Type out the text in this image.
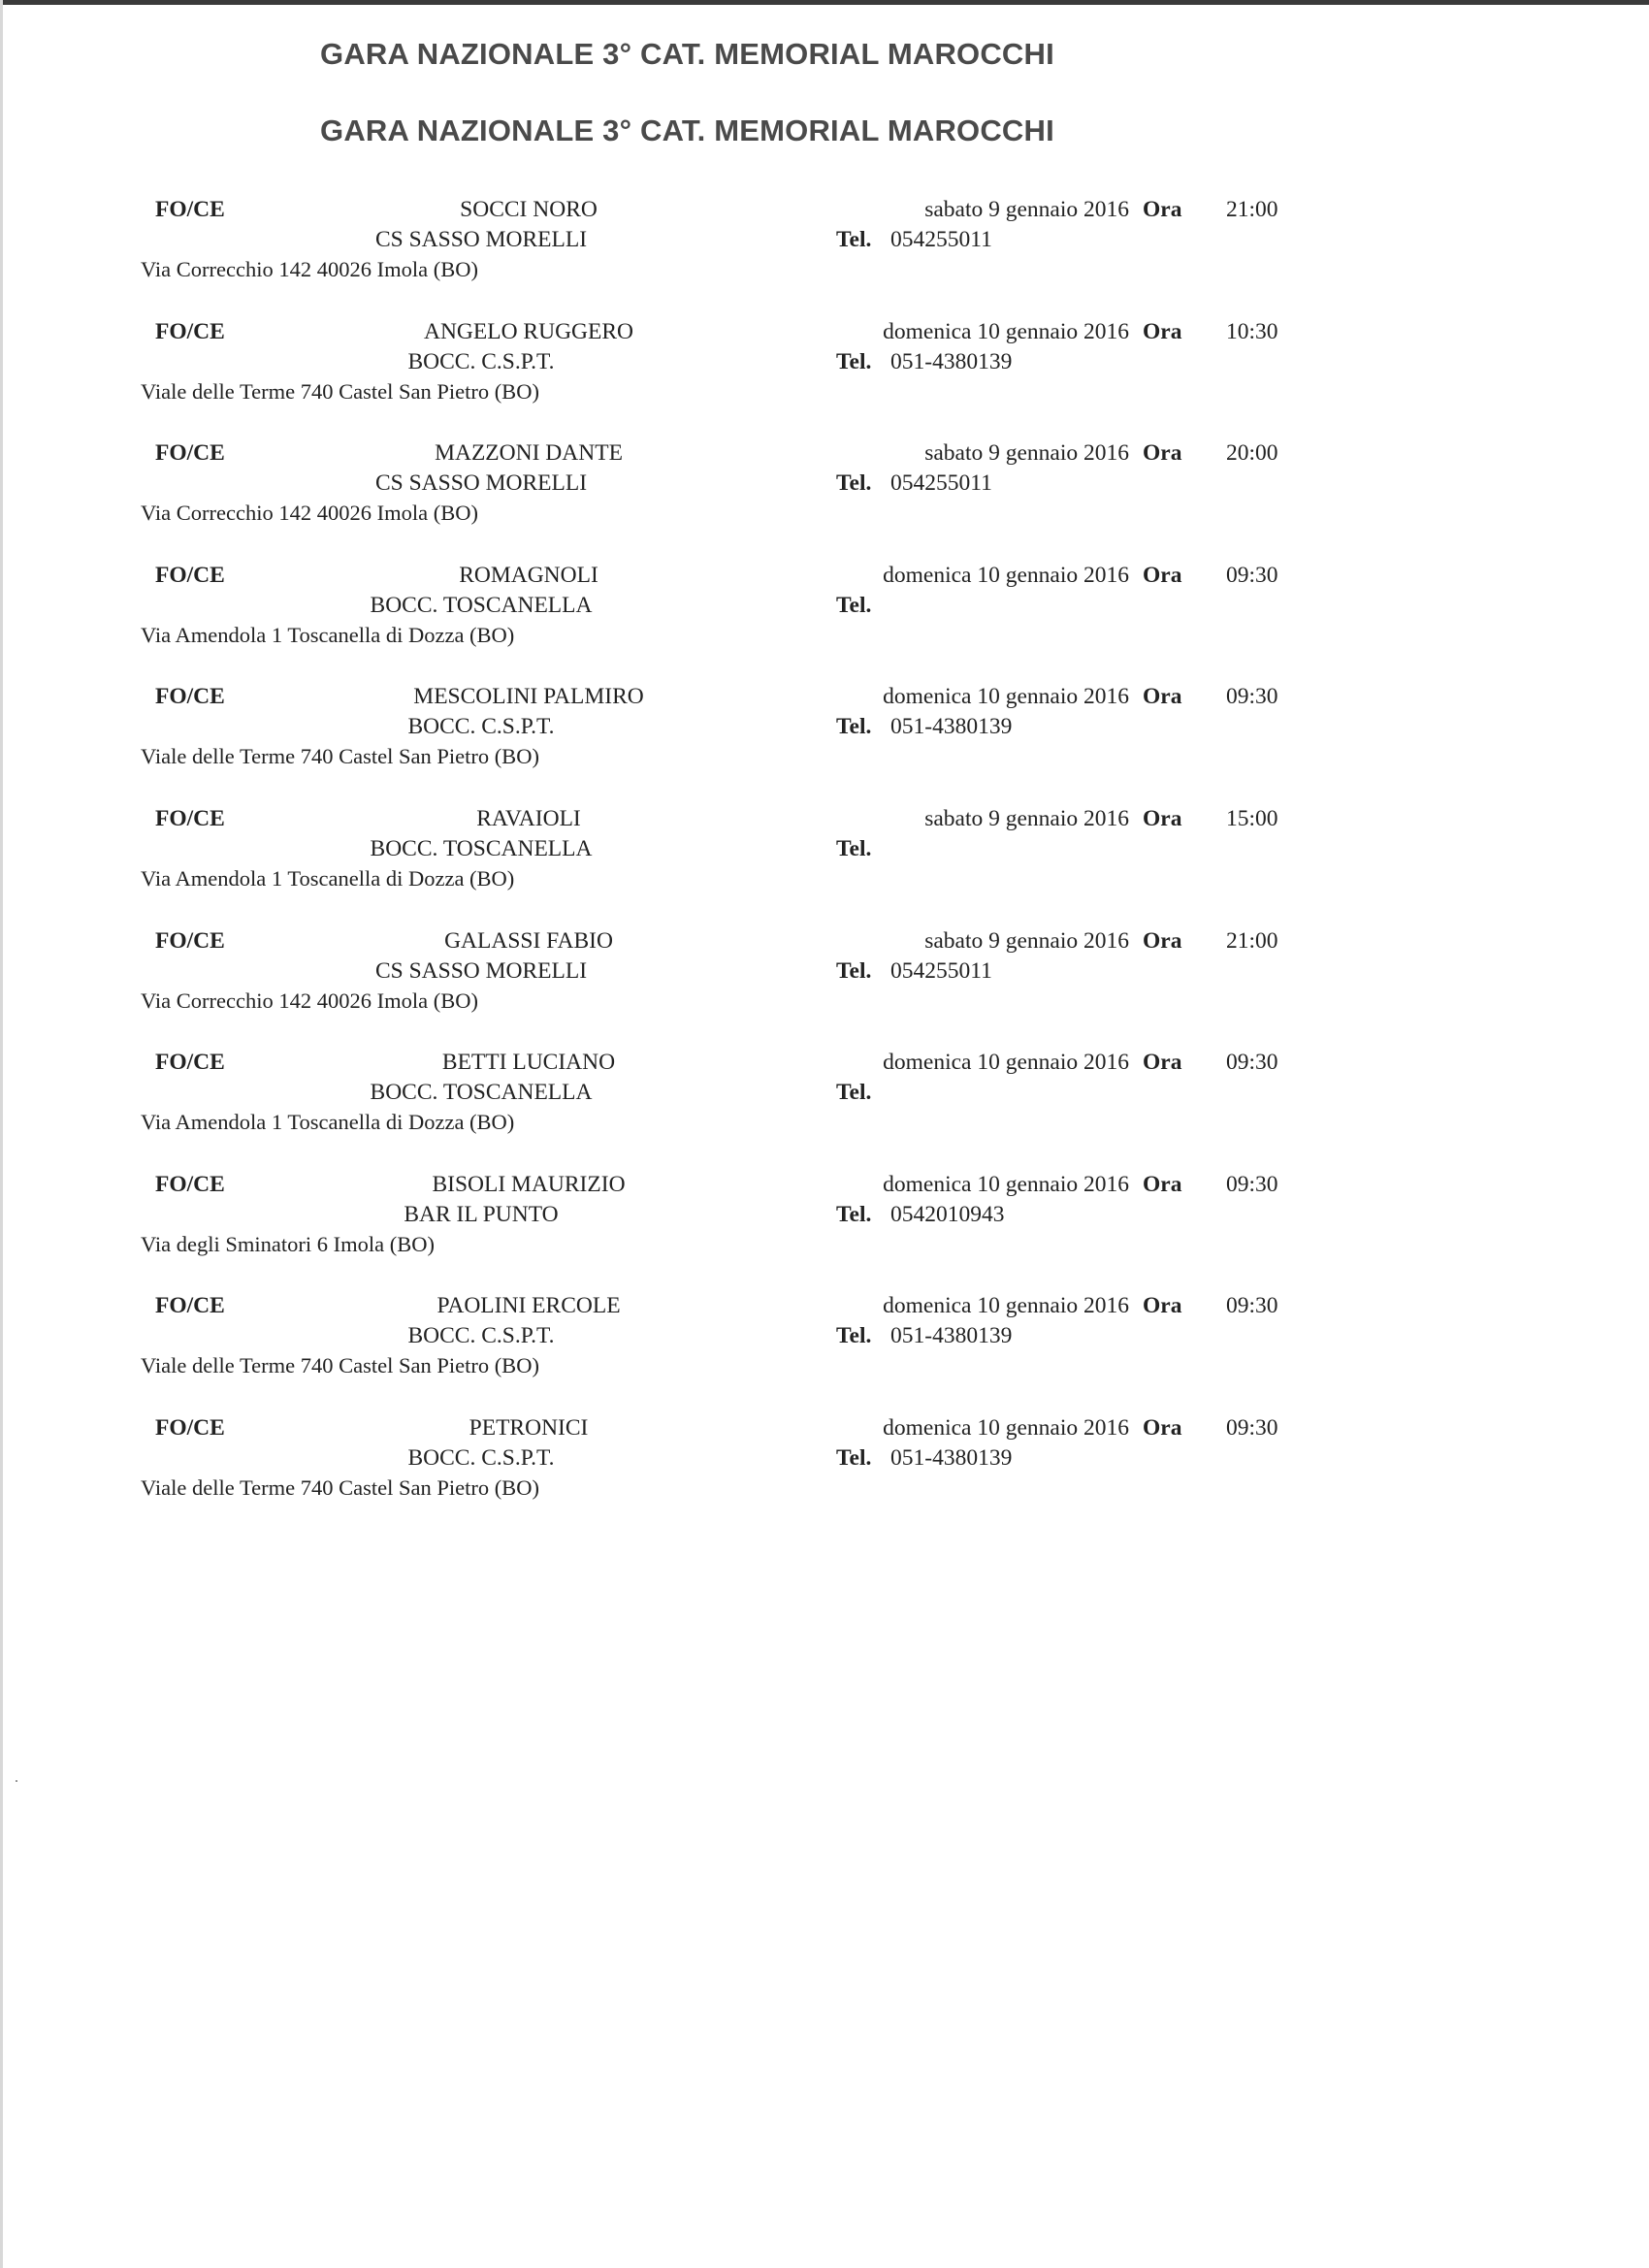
GARA NAZIONALE 3° CAT. MEMORIAL MAROCCHI
GARA NAZIONALE 3° CAT. MEMORIAL MAROCCHI
FO/CE	SOCCI NORO
CS SASSO MORELLI
Via Correcchio 142 40026 Imola (BO)
sabato 9 gennaio 2016 Ora 21:00
Tel. 054255011
FO/CE	ANGELO RUGGERO
BOCC. C.S.P.T.
Viale delle Terme 740 Castel San Pietro (BO)
domenica 10 gennaio 2016 Ora 10:30
Tel. 051-4380139
FO/CE	MAZZONI DANTE
CS SASSO MORELLI
Via Correcchio 142 40026 Imola (BO)
sabato 9 gennaio 2016 Ora 20:00
Tel. 054255011
FO/CE	ROMAGNOLI
BOCC. TOSCANELLA
Via Amendola 1 Toscanella di Dozza (BO)
domenica 10 gennaio 2016 Ora 09:30
Tel.
FO/CE	MESCOLINI PALMIRO
BOCC. C.S.P.T.
Viale delle Terme 740 Castel San Pietro (BO)
domenica 10 gennaio 2016 Ora 09:30
Tel. 051-4380139
FO/CE	RAVAIOLI
BOCC. TOSCANELLA
Via Amendola 1 Toscanella di Dozza (BO)
sabato 9 gennaio 2016 Ora 15:00
Tel.
FO/CE	GALASSI FABIO
CS SASSO MORELLI
Via Correcchio 142 40026 Imola (BO)
sabato 9 gennaio 2016 Ora 21:00
Tel. 054255011
FO/CE	BETTI LUCIANO
BOCC. TOSCANELLA
Via Amendola 1 Toscanella di Dozza (BO)
domenica 10 gennaio 2016 Ora 09:30
Tel.
FO/CE	BISOLI MAURIZIO
BAR IL PUNTO
Via degli Sminatori 6 Imola (BO)
domenica 10 gennaio 2016 Ora 09:30
Tel. 0542010943
FO/CE	PAOLINI ERCOLE
BOCC. C.S.P.T.
Viale delle Terme 740 Castel San Pietro (BO)
domenica 10 gennaio 2016 Ora 09:30
Tel. 051-4380139
FO/CE	PETRONICI
BOCC. C.S.P.T.
Viale delle Terme 740 Castel San Pietro (BO)
domenica 10 gennaio 2016 Ora 09:30
Tel. 051-4380139
